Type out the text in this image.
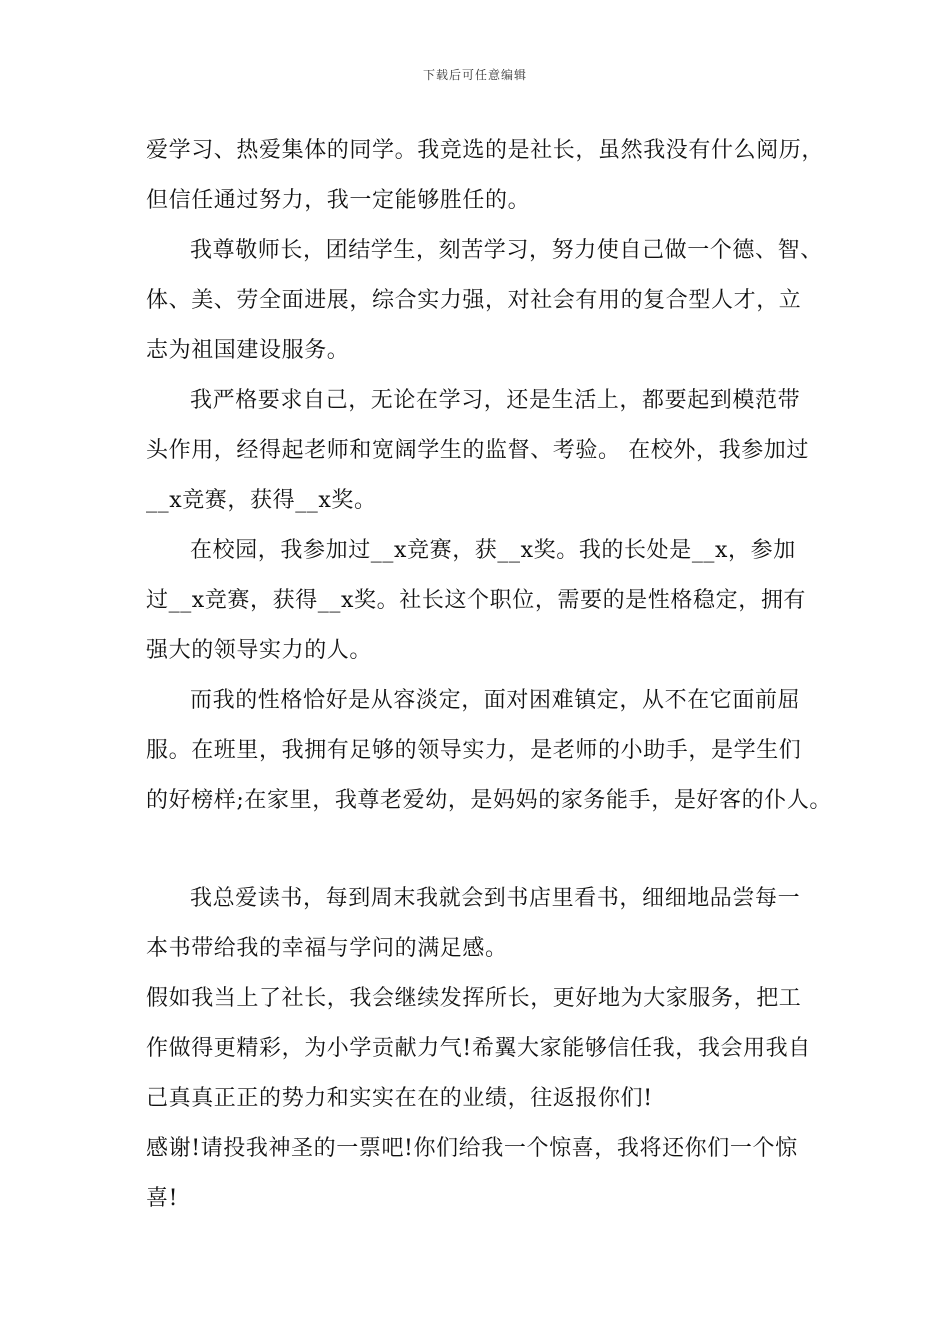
下载后可任意编辑
爱学习、热爱集体的同学。我竞选的是社长，虽然我没有什么阅历，
但信任通过努力，我一定能够胜任的。
我尊敬师长，团结学生，刻苦学习，努力使自己做一个德、智、
体、美、劳全面进展，综合实力强，对社会有用的复合型人才，立
志为祖国建设服务。
我严格要求自己，无论在学习，还是生活上，都要起到模范带
头作用，经得起老师和宽阔学生的监督、考验。 在校外，我参加过
__x竞赛，获得__x奖。
在校园，我参加过__x竞赛，获__x奖。我的长处是__x，参加
过__x竞赛，获得__x奖。社长这个职位，需要的是性格稳定，拥有
强大的领导实力的人。
而我的性格恰好是从容淡定，面对困难镇定，从不在它面前屈
服。在班里，我拥有足够的领导实力，是老师的小助手，是学生们
的好榜样;在家里，我尊老爱幼，是妈妈的家务能手，是好客的仆人。
我总爱读书，每到周末我就会到书店里看书，细细地品尝每一
本书带给我的幸福与学问的满足感。
假如我当上了社长，我会继续发挥所长，更好地为大家服务，把工
作做得更精彩，为小学贡献力气!希翼大家能够信任我，我会用我自
己真真正正的势力和实实在在的业绩，往返报你们!
感谢!请投我神圣的一票吧!你们给我一个惊喜，我将还你们一个惊
喜!
